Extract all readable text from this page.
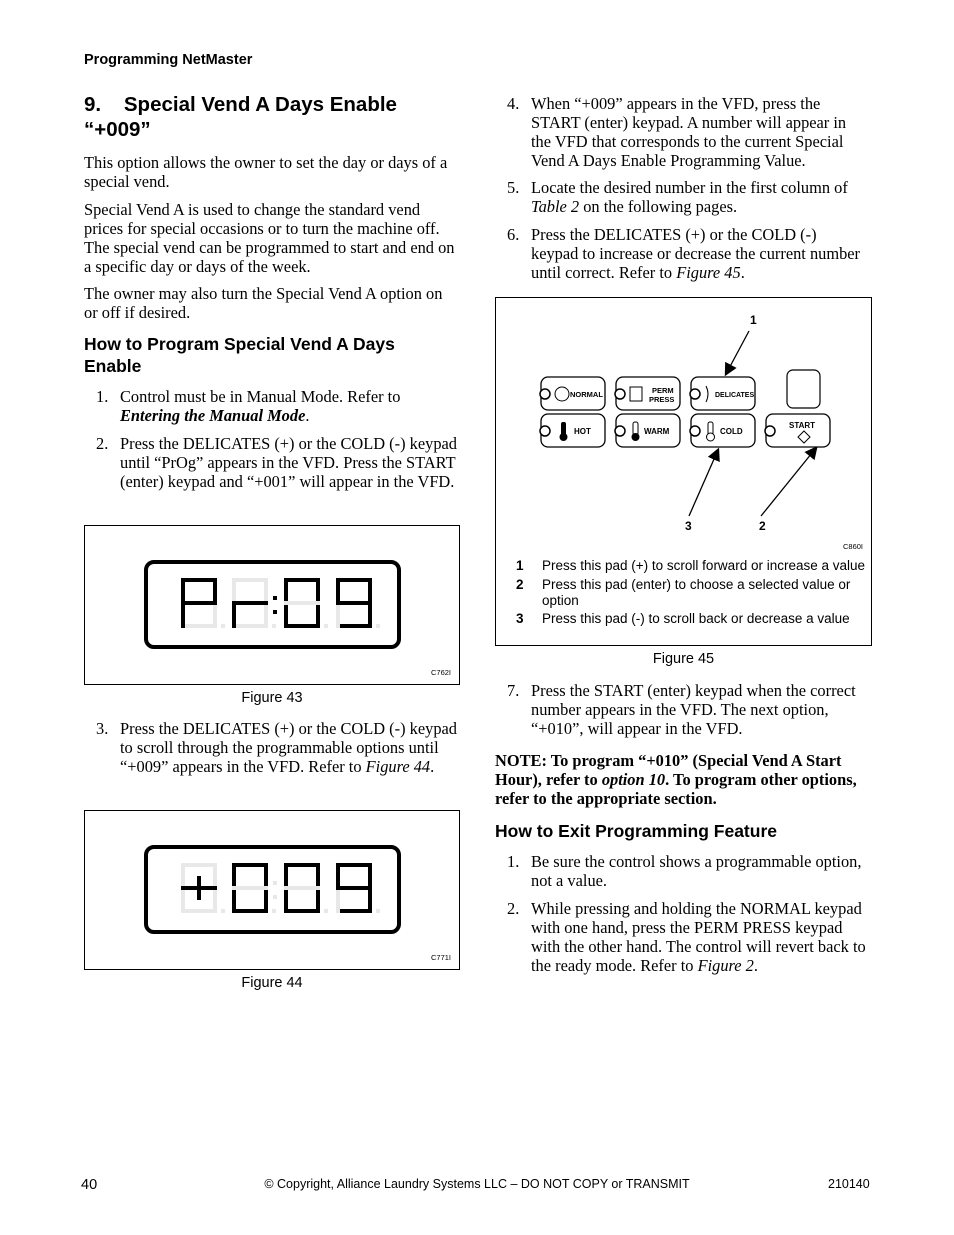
Programming NetMaster
9.    Special Vend A Days Enable
“+009”

This option allows the owner to set the day or days of a special vend.

Special Vend A is used to change the standard vend prices for special occasions or to turn the machine off. The special vend can be programmed to start and end on a specific day or days of the week.

The owner may also turn the Special Vend A option on or off if desired.

How to Program Special Vend A Days Enable
1. Control must be in Manual Mode. Refer to Entering the Manual Mode.
2. Press the DELICATES (+) or the COLD (-) keypad until “PrOg” appears in the VFD. Press the START (enter) keypad and “+001” will appear in the VFD.
C762I
Figure 43
3. Press the DELICATES (+) or the COLD (-) keypad to scroll through the programmable options until “+009” appears in the VFD. Refer to Figure 44.
C771I
Figure 44
4. When “+009” appears in the VFD, press the START (enter) keypad. A number will appear in the VFD that corresponds to the current Special Vend A Days Enable Programming Value.
5. Locate the desired number in the first column of Table 2 on the following pages.
6. Press the DELICATES (+) or the COLD (-) keypad to increase or decrease the current number until correct. Refer to Figure 45.
1
2
3
NORMAL	PERM
PRESS	DELICATES
HOT	WARM	COLD
START
C860I
1 Press this pad (+) to scroll forward or increase a value
2 Press this pad (enter) to choose a selected value or option
3 Press this pad (-) to scroll back or decrease a value
Figure 45
7. Press the START (enter) keypad when the correct number appears in the VFD. The next option, “+010”, will appear in the VFD.
NOTE: To program “+010” (Special Vend A Start Hour), refer to option 10. To program other options, refer to the appropriate section.
How to Exit Programming Feature
1. Be sure the control shows a programmable option, not a value.
2. While pressing and holding the NORMAL keypad with one hand, press the PERM PRESS keypad with the other hand. The control will revert back to the ready mode. Refer to Figure 2.
40	© Copyright, Alliance Laundry Systems LLC – DO NOT COPY or TRANSMIT	210140
